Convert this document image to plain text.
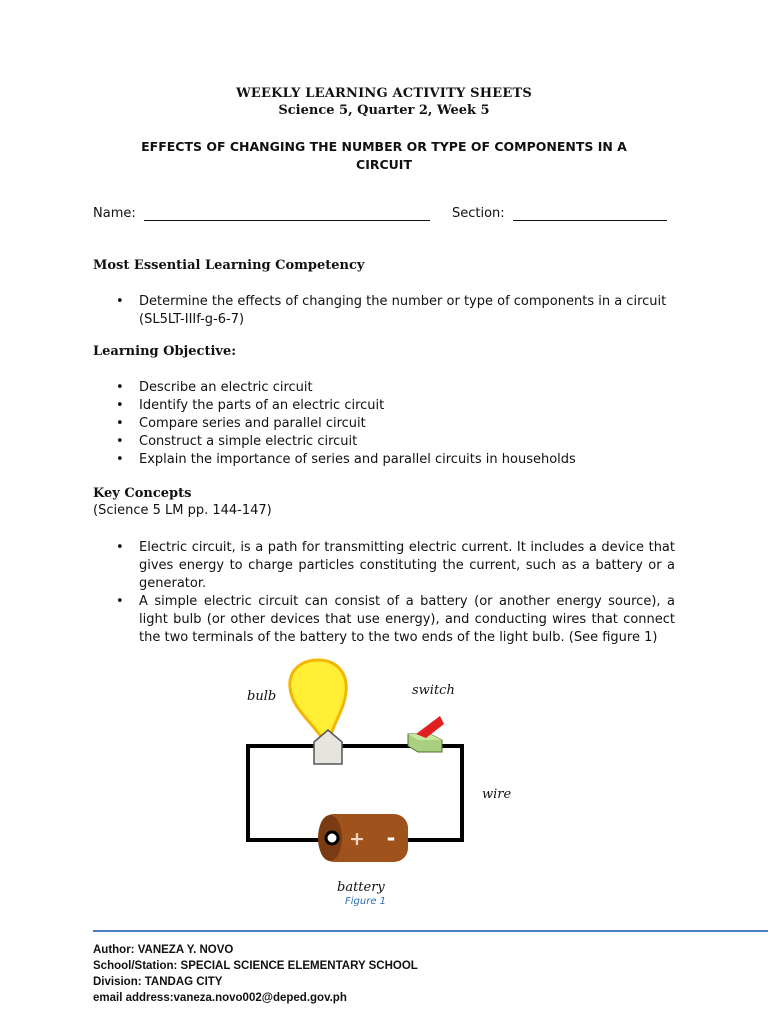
WEEKLY LEARNING ACTIVITY SHEETS
Science 5, Quarter 2, Week 5
EFFECTS OF CHANGING THE NUMBER OR TYPE OF COMPONENTS IN A
CIRCUIT
Name:	Section:
Most Essential Learning Competency
• Determine the effects of changing the number or type of components in a circuit (SL5LT-IIIf-g-6-7)
Learning Objective:
• Describe an electric circuit
• Identify the parts of an electric circuit
• Compare series and parallel circuit
• Construct a simple electric circuit
• Explain the importance of series and parallel circuits in households
Key Concepts
(Science 5 LM pp. 144-147)
• Electric circuit, is a path for transmitting electric current. It includes a device that gives energy to charge particles constituting the current, such as a battery or a generator.
• A simple electric circuit can consist of a battery (or another energy source), a light bulb (or other devices that use energy), and conducting wires that connect the two terminals of the battery to the two ends of the light bulb. (See figure 1)
+ -
bulb	switch
wire
battery
Figure 1
Author: VANEZA Y. NOVO
School/Station: SPECIAL SCIENCE ELEMENTARY SCHOOL
Division: TANDAG CITY
email address:vaneza.novo002@deped.gov.ph
